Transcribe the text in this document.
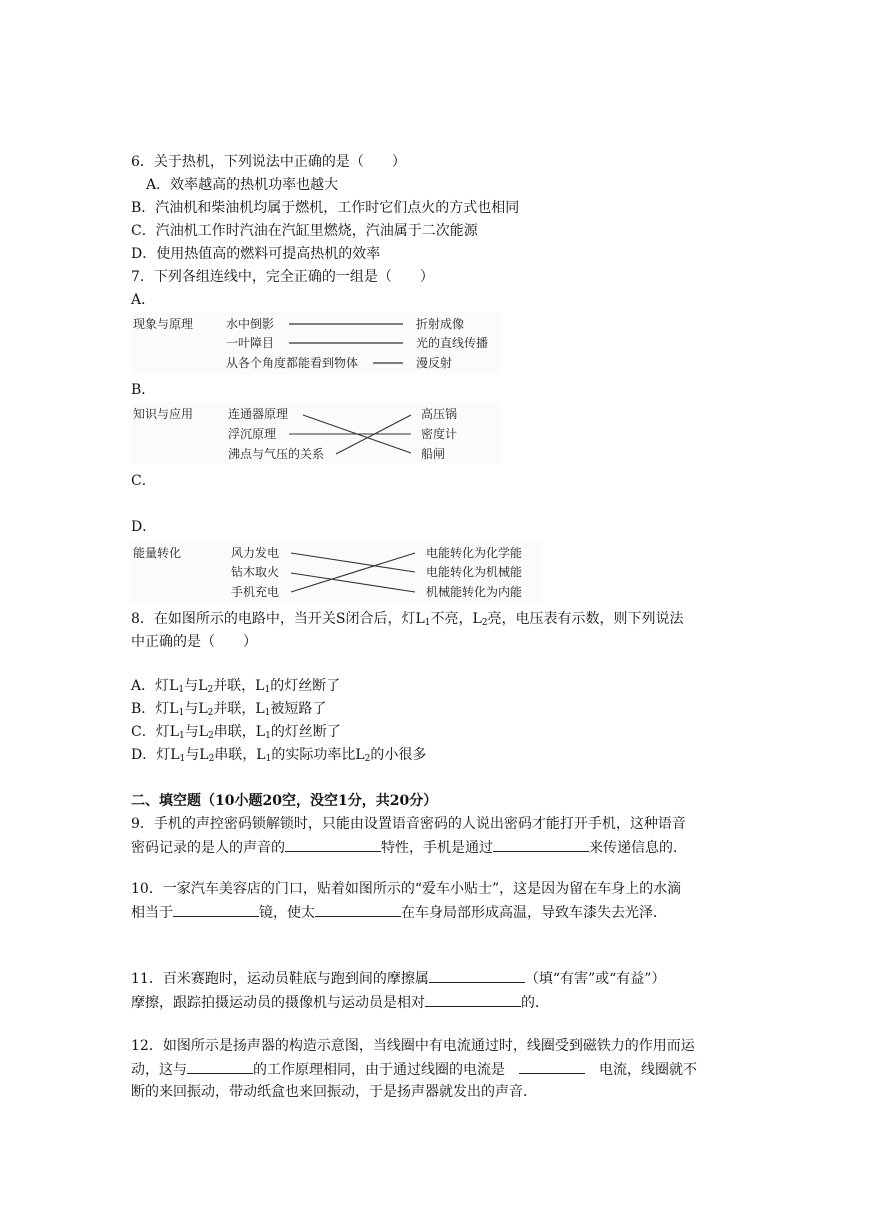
6．关于热机，下列说法中正确的是（　　）
A．效率越高的热机功率也越大
B．汽油机和柴油机均属于燃机，工作时它们点火的方式也相同
C．汽油机工作时汽油在汽缸里燃烧，汽油属于二次能源
D．使用热值高的燃料可提高热机的效率
7．下列各组连线中，完全正确的一组是（　　）
A．
现象与原理	水中倒影
一叶障目
从各个角度都能看到物体
折射成像
光的直线传播
漫反射
B．
知识与应用	连通器原理
浮沉原理
沸点与气压的关系
高压锅
密度计
船闸
C．
D．
能量转化	风力发电
钻木取火
手机充电
电能转化为化学能
电能转化为机械能
机械能转化为内能
8．在如图所示的电路中，当开关S闭合后，灯$L_1$不亮，$L_2$亮，电压表有示数，则下列说法
中正确的是（　　）
A．灯$L_1$与$L_2$并联，$L_1$的灯丝断了
B．灯$L_1$与$L_2$并联，$L_1$被短路了
C．灯$L_1$与$L_2$串联，$L_1$的灯丝断了
D．灯$L_1$与$L_2$串联，$L_1$的实际功率比$L_2$的小很多
二、填空题（10小题20空，没空1分，共20分）
9．手机的声控密码锁解锁时，只能由设置语音密码的人说出密码才能打开手机，这种语音
密码记录的是人的声音的	特性，手机是通过	来传递信息的．
10．一家汽车美容店的门口，贴着如图所示的“爱车小贴士”，这是因为留在车身上的水滴
相当于	镜，使太	在车身局部形成高温，导致车漆失去光泽．
11．百米赛跑时，运动员鞋底与跑到间的摩擦属	（填“有害”或“有益”）
摩擦，跟踪拍摄运动员的摄像机与运动员是相对	的．
12．如图所示是扬声器的构造示意图，当线圈中有电流通过时，线圈受到磁铁力的作用而运
动，这与	的工作原理相同，由于通过线圈的电流是　　	电流，线圈就不
断的来回振动，带动纸盒也来回振动，于是扬声器就发出的声音．
